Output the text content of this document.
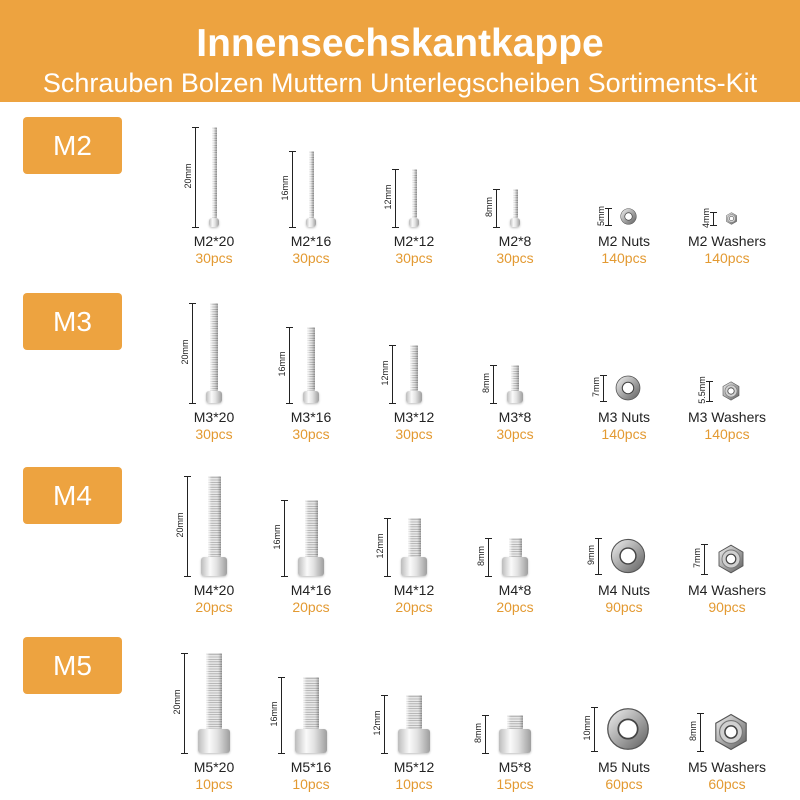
Innensechskantkappe
Schrauben Bolzen Muttern Unterlegscheiben Sortiments-Kit
M2
20mm
M2*20
30pcs
16mm
M2*16
30pcs
12mm
M2*12
30pcs
8mm
M2*8
30pcs
5mm
M2 Nuts
140pcs
4mm
M2 Washers
140pcs
M3
20mm
M3*20
30pcs
16mm
M3*16
30pcs
12mm
M3*12
30pcs
8mm
M3*8
30pcs
7mm
M3 Nuts
140pcs
5.5mm
M3 Washers
140pcs
M4
20mm
M4*20
20pcs
16mm
M4*16
20pcs
12mm
M4*12
20pcs
8mm
M4*8
20pcs
9mm
M4 Nuts
90pcs
7mm
M4 Washers
90pcs
M5
20mm
M5*20
10pcs
16mm
M5*16
10pcs
12mm
M5*12
10pcs
8mm
M5*8
15pcs
10mm
M5 Nuts
60pcs
8mm
M5 Washers
60pcs
